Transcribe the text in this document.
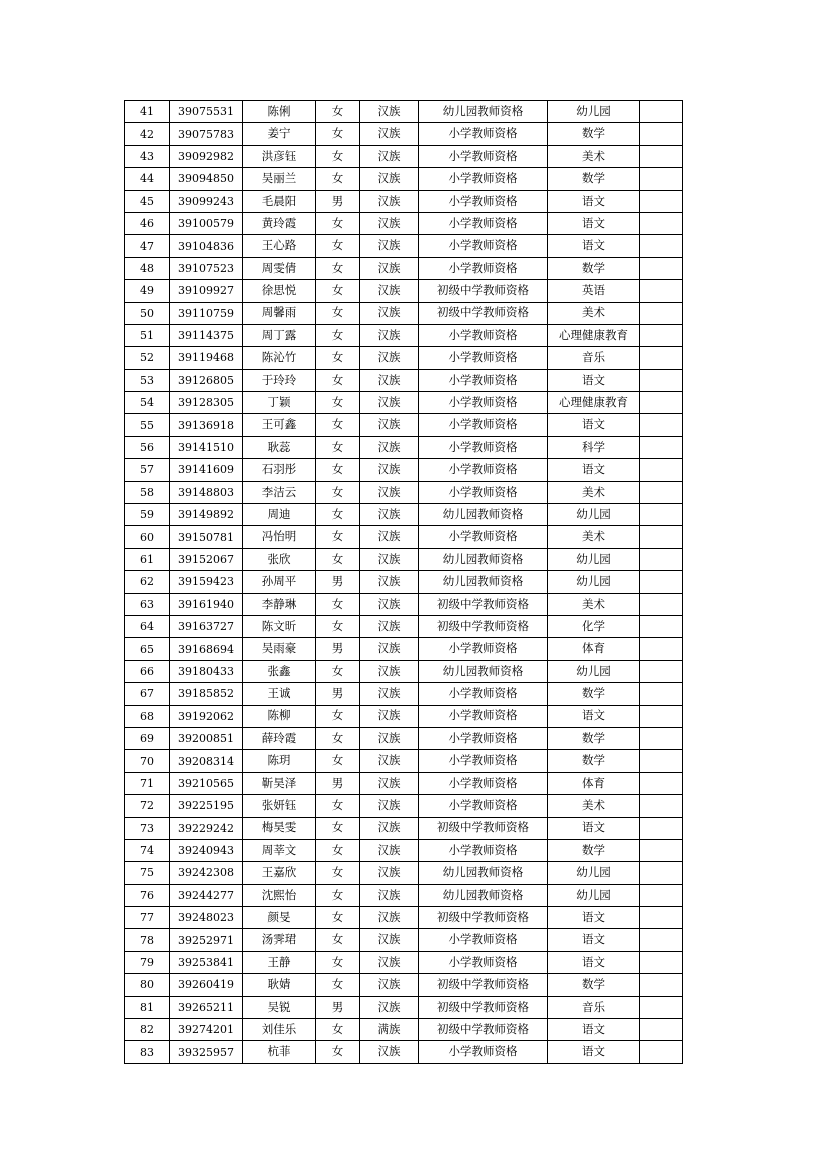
41	39075531	陈俐	女	汉族	幼儿园教师资格	幼儿园	
42	39075783	姜宁	女	汉族	小学教师资格	数学	
43	39092982	洪彦钰	女	汉族	小学教师资格	美术	
44	39094850	吴丽兰	女	汉族	小学教师资格	数学	
45	39099243	毛晨阳	男	汉族	小学教师资格	语文	
46	39100579	黄玲霞	女	汉族	小学教师资格	语文	
47	39104836	王心路	女	汉族	小学教师资格	语文	
48	39107523	周雯倩	女	汉族	小学教师资格	数学	
49	39109927	徐思悦	女	汉族	初级中学教师资格	英语	
50	39110759	周馨雨	女	汉族	初级中学教师资格	美术	
51	39114375	周丁露	女	汉族	小学教师资格	心理健康教育	
52	39119468	陈沁竹	女	汉族	小学教师资格	音乐	
53	39126805	于玲玲	女	汉族	小学教师资格	语文	
54	39128305	丁颖	女	汉族	小学教师资格	心理健康教育	
55	39136918	王可鑫	女	汉族	小学教师资格	语文	
56	39141510	耿蕊	女	汉族	小学教师资格	科学	
57	39141609	石羽彤	女	汉族	小学教师资格	语文	
58	39148803	李洁云	女	汉族	小学教师资格	美术	
59	39149892	周迪	女	汉族	幼儿园教师资格	幼儿园	
60	39150781	冯怡明	女	汉族	小学教师资格	美术	
61	39152067	张欣	女	汉族	幼儿园教师资格	幼儿园	
62	39159423	孙周平	男	汉族	幼儿园教师资格	幼儿园	
63	39161940	李静琳	女	汉族	初级中学教师资格	美术	
64	39163727	陈文昕	女	汉族	初级中学教师资格	化学	
65	39168694	吴雨豪	男	汉族	小学教师资格	体育	
66	39180433	张鑫	女	汉族	幼儿园教师资格	幼儿园	
67	39185852	王诚	男	汉族	小学教师资格	数学	
68	39192062	陈柳	女	汉族	小学教师资格	语文	
69	39200851	薛玲霞	女	汉族	小学教师资格	数学	
70	39208314	陈玥	女	汉族	小学教师资格	数学	
71	39210565	靳昊泽	男	汉族	小学教师资格	体育	
72	39225195	张妍钰	女	汉族	小学教师资格	美术	
73	39229242	梅昊雯	女	汉族	初级中学教师资格	语文	
74	39240943	周莘文	女	汉族	小学教师资格	数学	
75	39242308	王嘉欣	女	汉族	幼儿园教师资格	幼儿园	
76	39244277	沈熙怡	女	汉族	幼儿园教师资格	幼儿园	
77	39248023	颜旻	女	汉族	初级中学教师资格	语文	
78	39252971	汤霁珺	女	汉族	小学教师资格	语文	
79	39253841	王静	女	汉族	小学教师资格	语文	
80	39260419	耿婧	女	汉族	初级中学教师资格	数学	
81	39265211	吴锐	男	汉族	初级中学教师资格	音乐	
82	39274201	刘佳乐	女	满族	初级中学教师资格	语文	
83	39325957	杭菲	女	汉族	小学教师资格	语文	
